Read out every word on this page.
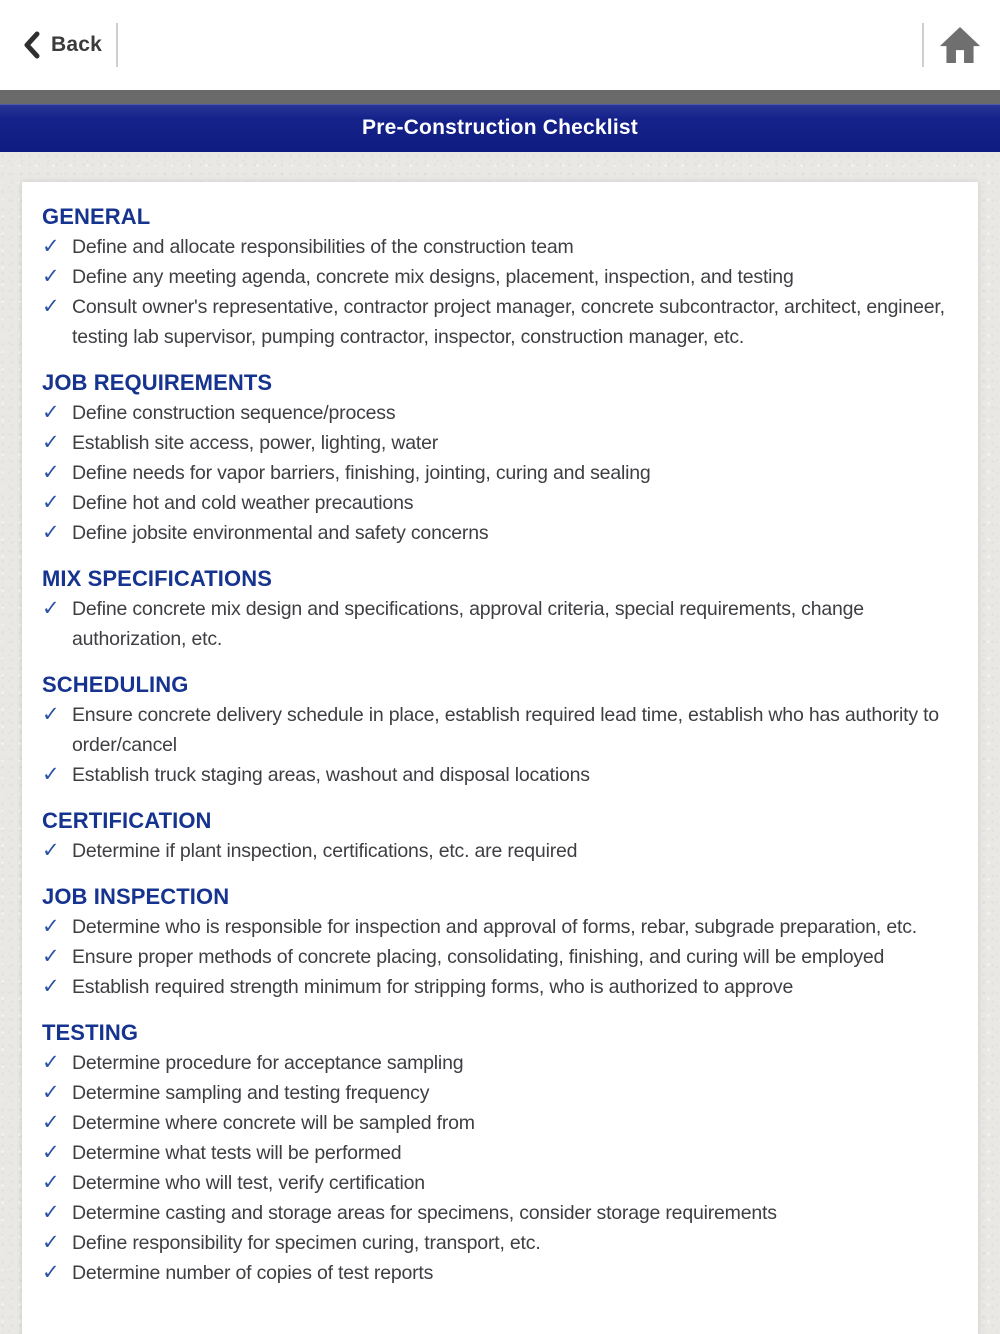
Back
Pre-Construction Checklist
GENERAL
✓ Define and allocate responsibilities of the construction team
✓ Define any meeting agenda, concrete mix designs, placement, inspection, and testing
✓ Consult owner's representative, contractor project manager, concrete subcontractor, architect, engineer, testing lab supervisor, pumping contractor, inspector, construction manager, etc.
JOB REQUIREMENTS
✓ Define construction sequence/process
✓ Establish site access, power, lighting, water
✓ Define needs for vapor barriers, finishing, jointing, curing and sealing
✓ Define hot and cold weather precautions
✓ Define jobsite environmental and safety concerns
MIX SPECIFICATIONS
✓ Define concrete mix design and specifications, approval criteria, special requirements, change authorization, etc.
SCHEDULING
✓ Ensure concrete delivery schedule in place, establish required lead time, establish who has authority to order/cancel
✓ Establish truck staging areas, washout and disposal locations
CERTIFICATION
✓ Determine if plant inspection, certifications, etc. are required
JOB INSPECTION
✓ Determine who is responsible for inspection and approval of forms, rebar, subgrade preparation, etc.
✓ Ensure proper methods of concrete placing, consolidating, finishing, and curing will be employed
✓ Establish required strength minimum for stripping forms, who is authorized to approve
TESTING
✓ Determine procedure for acceptance sampling
✓ Determine sampling and testing frequency
✓ Determine where concrete will be sampled from
✓ Determine what tests will be performed
✓ Determine who will test, verify certification
✓ Determine casting and storage areas for specimens, consider storage requirements
✓ Define responsibility for specimen curing, transport, etc.
✓ Determine number of copies of test reports
